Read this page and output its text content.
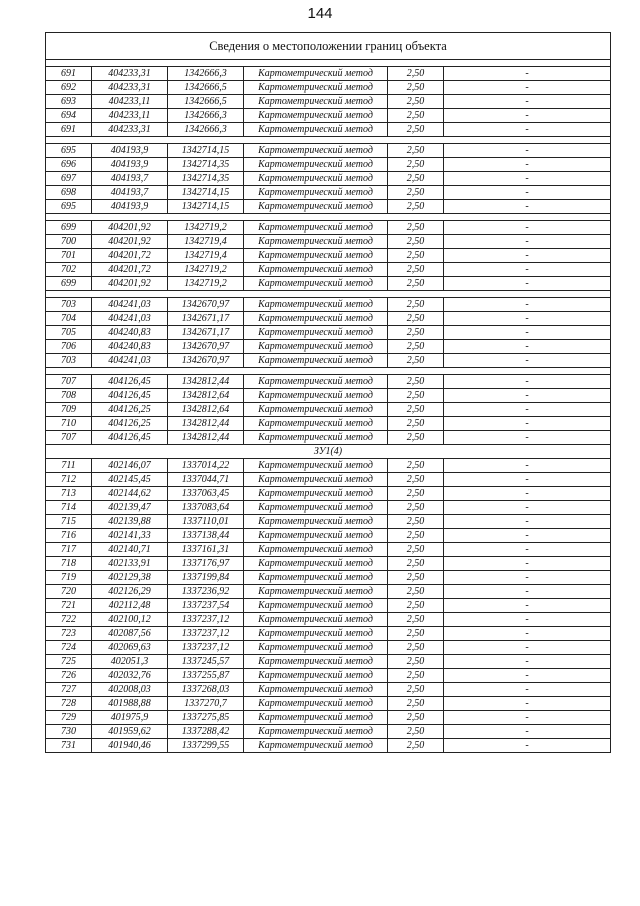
144
Сведения о местоположении границ объекта					

691	404233,31	1342666,3	Картометрический метод	2,50	-
692	404233,31	1342666,5	Картометрический метод	2,50	-
693	404233,11	1342666,5	Картометрический метод	2,50	-
694	404233,11	1342666,3	Картометрический метод	2,50	-
691	404233,31	1342666,3	Картометрический метод	2,50	-

695	404193,9	1342714,15	Картометрический метод	2,50	-
696	404193,9	1342714,35	Картометрический метод	2,50	-
697	404193,7	1342714,35	Картометрический метод	2,50	-
698	404193,7	1342714,15	Картометрический метод	2,50	-
695	404193,9	1342714,15	Картометрический метод	2,50	-

699	404201,92	1342719,2	Картометрический метод	2,50	-
700	404201,92	1342719,4	Картометрический метод	2,50	-
701	404201,72	1342719,4	Картометрический метод	2,50	-
702	404201,72	1342719,2	Картометрический метод	2,50	-
699	404201,92	1342719,2	Картометрический метод	2,50	-

703	404241,03	1342670,97	Картометрический метод	2,50	-
704	404241,03	1342671,17	Картометрический метод	2,50	-
705	404240,83	1342671,17	Картометрический метод	2,50	-
706	404240,83	1342670,97	Картометрический метод	2,50	-
703	404241,03	1342670,97	Картометрический метод	2,50	-

707	404126,45	1342812,44	Картометрический метод	2,50	-
708	404126,45	1342812,64	Картометрический метод	2,50	-
709	404126,25	1342812,64	Картометрический метод	2,50	-
710	404126,25	1342812,44	Картометрический метод	2,50	-
707	404126,45	1342812,44	Картометрический метод	2,50	-
ЗУ1(4)					
711	402146,07	1337014,22	Картометрический метод	2,50	-
712	402145,45	1337044,71	Картометрический метод	2,50	-
713	402144,62	1337063,45	Картометрический метод	2,50	-
714	402139,47	1337083,64	Картометрический метод	2,50	-
715	402139,88	1337110,01	Картометрический метод	2,50	-
716	402141,33	1337138,44	Картометрический метод	2,50	-
717	402140,71	1337161,31	Картометрический метод	2,50	-
718	402133,91	1337176,97	Картометрический метод	2,50	-
719	402129,38	1337199,84	Картометрический метод	2,50	-
720	402126,29	1337236,92	Картометрический метод	2,50	-
721	402112,48	1337237,54	Картометрический метод	2,50	-
722	402100,12	1337237,12	Картометрический метод	2,50	-
723	402087,56	1337237,12	Картометрический метод	2,50	-
724	402069,63	1337237,12	Картометрический метод	2,50	-
725	402051,3	1337245,57	Картометрический метод	2,50	-
726	402032,76	1337255,87	Картометрический метод	2,50	-
727	402008,03	1337268,03	Картометрический метод	2,50	-
728	401988,88	1337270,7	Картометрический метод	2,50	-
729	401975,9	1337275,85	Картометрический метод	2,50	-
730	401959,62	1337288,42	Картометрический метод	2,50	-
731	401940,46	1337299,55	Картометрический метод	2,50	-
